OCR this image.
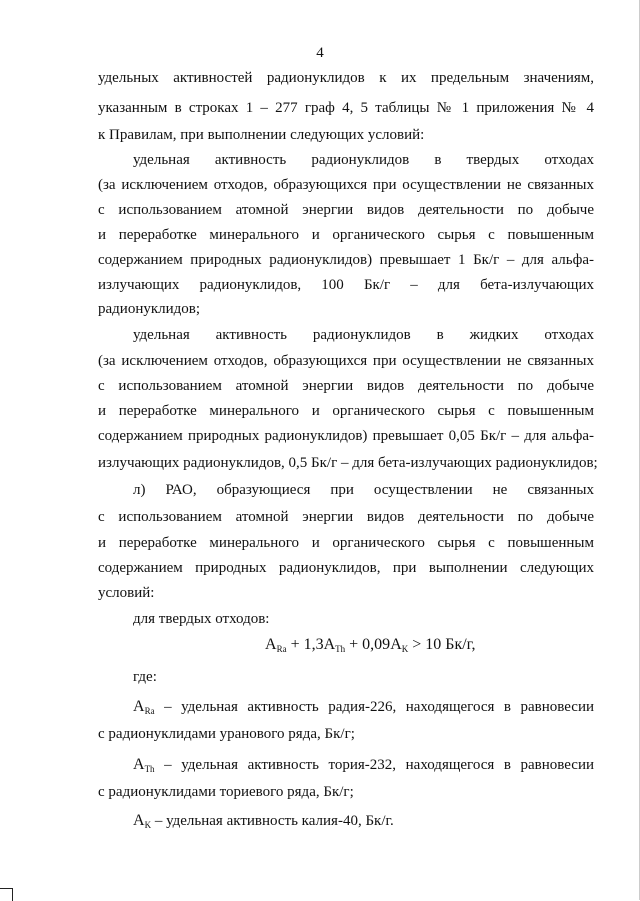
4
удельных активностей радионуклидов к их предельным значениям,
указанным в строках 1 – 277 граф 4, 5 таблицы № 1 приложения № 4
к Правилам, при выполнении следующих условий:
удельная активность радионуклидов в твердых отходах
(за исключением отходов, образующихся при осуществлении не связанных
с использованием атомной энергии видов деятельности по добыче
и переработке минерального и органического сырья с повышенным
содержанием природных радионуклидов) превышает 1 Бк/г – для альфа-
излучающих радионуклидов, 100 Бк/г – для бета-излучающих
радионуклидов;
удельная активность радионуклидов в жидких отходах
(за исключением отходов, образующихся при осуществлении не связанных
с использованием атомной энергии видов деятельности по добыче
и переработке минерального и органического сырья с повышенным
содержанием природных радионуклидов) превышает 0,05 Бк/г – для альфа-
излучающих радионуклидов, 0,5 Бк/г – для бета-излучающих радионуклидов;
л) РАО, образующиеся при осуществлении не связанных
с использованием атомной энергии видов деятельности по добыче
и переработке минерального и органического сырья с повышенным
содержанием природных радионуклидов, при выполнении следующих
условий:
для твердых отходов:
$A_{Ra} + 1,3A_{Th} + 0,09A_K > 10$ Бк/г,
где:
$A_{Ra}$ – удельная активность радия-226, находящегося в равновесии
с радионуклидами уранового ряда, Бк/г;
$A_{Th}$ – удельная активность тория-232, находящегося в равновесии
с радионуклидами ториевого ряда, Бк/г;
$A_K$ – удельная активность калия-40, Бк/г.
